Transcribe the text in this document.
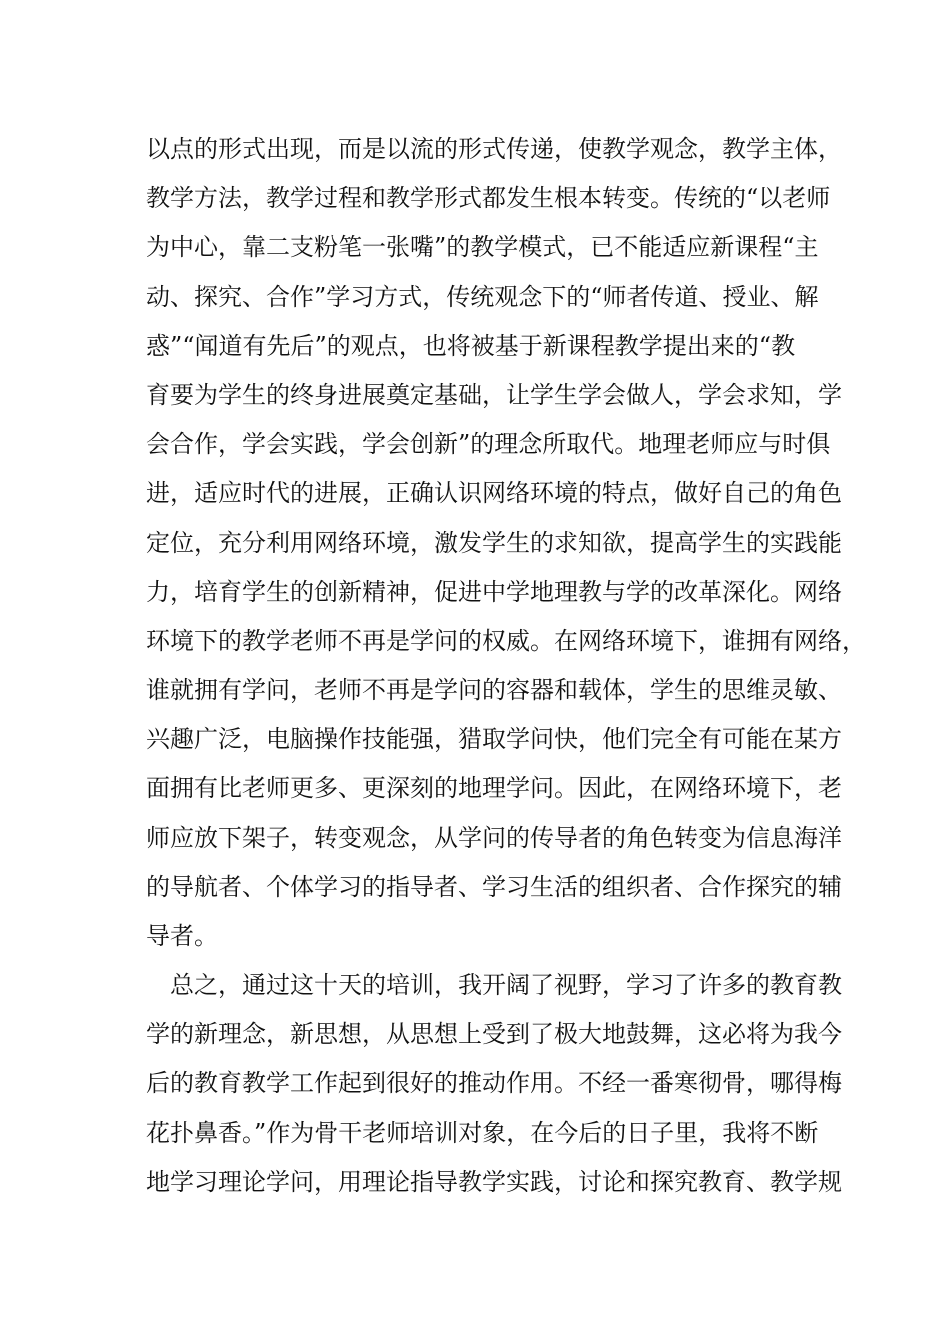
以点的形式出现，而是以流的形式传递，使教学观念，教学主体，
教学方法，教学过程和教学形式都发生根本转变。传统的“以老师
为中心，靠二支粉笔一张嘴”的教学模式，已不能适应新课程“主
动、探究、合作”学习方式，传统观念下的“师者传道、授业、解
惑”“闻道有先后”的观点，也将被基于新课程教学提出来的“教
育要为学生的终身进展奠定基础，让学生学会做人，学会求知，学
会合作，学会实践，学会创新”的理念所取代。地理老师应与时俱
进，适应时代的进展，正确认识网络环境的特点，做好自己的角色
定位，充分利用网络环境，激发学生的求知欲，提高学生的实践能
力，培育学生的创新精神，促进中学地理教与学的改革深化。网络
环境下的教学老师不再是学问的权威。在网络环境下，谁拥有网络，
谁就拥有学问，老师不再是学问的容器和载体，学生的思维灵敏、
兴趣广泛，电脑操作技能强，猎取学问快，他们完全有可能在某方
面拥有比老师更多、更深刻的地理学问。因此，在网络环境下，老
师应放下架子，转变观念，从学问的传导者的角色转变为信息海洋
的导航者、个体学习的指导者、学习生活的组织者、合作探究的辅
导者。
总之，通过这十天的培训，我开阔了视野，学习了许多的教育教
学的新理念，新思想，从思想上受到了极大地鼓舞，这必将为我今
后的教育教学工作起到很好的推动作用。不经一番寒彻骨，哪得梅
花扑鼻香。”作为骨干老师培训对象，在今后的日子里，我将不断
地学习理论学问，用理论指导教学实践，讨论和探究教育、教学规
